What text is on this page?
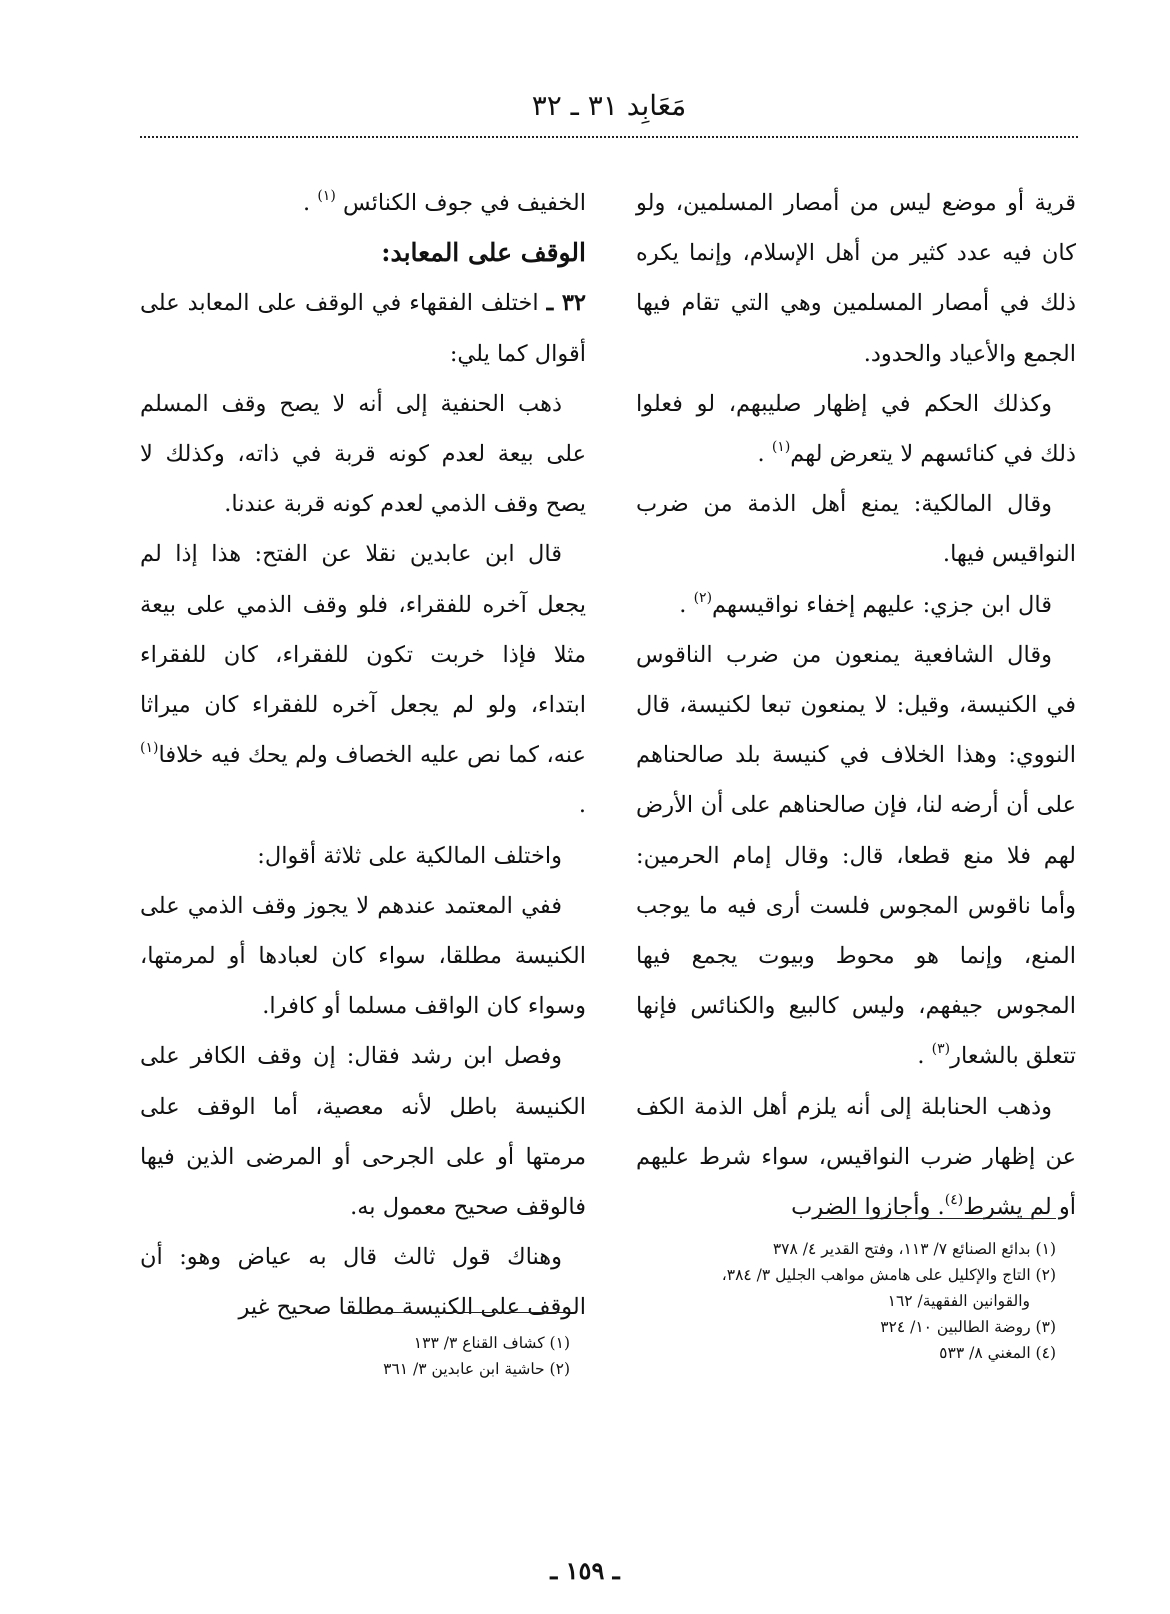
مَعَابِد ٣١ ـ ٣٢

قرية أو موضع ليس من أمصار المسلمين، ولو كان فيه عدد كثير من أهل الإسلام، وإنما يكره ذلك في أمصار المسلمين وهي التي تقام فيها الجمع والأعياد والحدود.

وكذلك الحكم في إظهار صليبهم، لو فعلوا ذلك في كنائسهم لا يتعرض لهم$^{(١)}$ .

وقال المالكية: يمنع أهل الذمة من ضرب النواقيس فيها.

قال ابن جزي: عليهم إخفاء نواقيسهم$^{(٢)}$ .

وقال الشافعية يمنعون من ضرب الناقوس في الكنيسة، وقيل: لا يمنعون تبعا لكنيسة، قال النووي: وهذا الخلاف في كنيسة بلد صالحناهم على أن أرضه لنا، فإن صالحناهم على أن الأرض لهم فلا منع قطعا، قال: وقال إمام الحرمين: وأما ناقوس المجوس فلست أرى فيه ما يوجب المنع، وإنما هو محوط وبيوت يجمع فيها المجوس جيفهم، وليس كالبيع والكنائس فإنها تتعلق بالشعار$^{(٣)}$ .

وذهب الحنابلة إلى أنه يلزم أهل الذمة الكف عن إظهار ضرب النواقيس، سواء شرط عليهم أو لم يشرط$^{(٤)}$. وأجازوا الضرب

(١) بدائع الصنائع ٧/ ١١٣، وفتح القدير ٤/ ٣٧٨
(٢) التاج والإكليل على هامش مواهب الجليل ٣/ ٣٨٤،
والقوانين الفقهية/ ١٦٢
(٣) روضة الطالبين ١٠/ ٣٢٤
(٤) المغني ٨/ ٥٣٣

الخفيف في جوف الكنائس $^{(١)}$ .

الوقف على المعابد:

٣٢ ـ اختلف الفقهاء في الوقف على المعابد على أقوال كما يلي:

ذهب الحنفية إلى أنه لا يصح وقف المسلم على بيعة لعدم كونه قربة في ذاته، وكذلك لا يصح وقف الذمي لعدم كونه قربة عندنا.

قال ابن عابدين نقلا عن الفتح: هذا إذا لم يجعل آخره للفقراء، فلو وقف الذمي على بيعة مثلا فإذا خربت تكون للفقراء، كان للفقراء ابتداء، ولو لم يجعل آخره للفقراء كان ميراثا عنه، كما نص عليه الخصاف ولم يحك فيه خلافا$^{(١)}$ .

واختلف المالكية على ثلاثة أقوال:

ففي المعتمد عندهم لا يجوز وقف الذمي على الكنيسة مطلقا، سواء كان لعبادها أو لمرمتها، وسواء كان الواقف مسلما أو كافرا.

وفصل ابن رشد فقال: إن وقف الكافر على الكنيسة باطل لأنه معصية، أما الوقف على مرمتها أو على الجرحى أو المرضى الذين فيها فالوقف صحيح معمول به.

وهناك قول ثالث قال به عياض وهو: أن الوقف على الكنيسة مطلقا صحيح غير

(١) كشاف القناع ٣/ ١٣٣
(٢) حاشية ابن عابدين ٣/ ٣٦١
ـ ١٥٩ ـ
